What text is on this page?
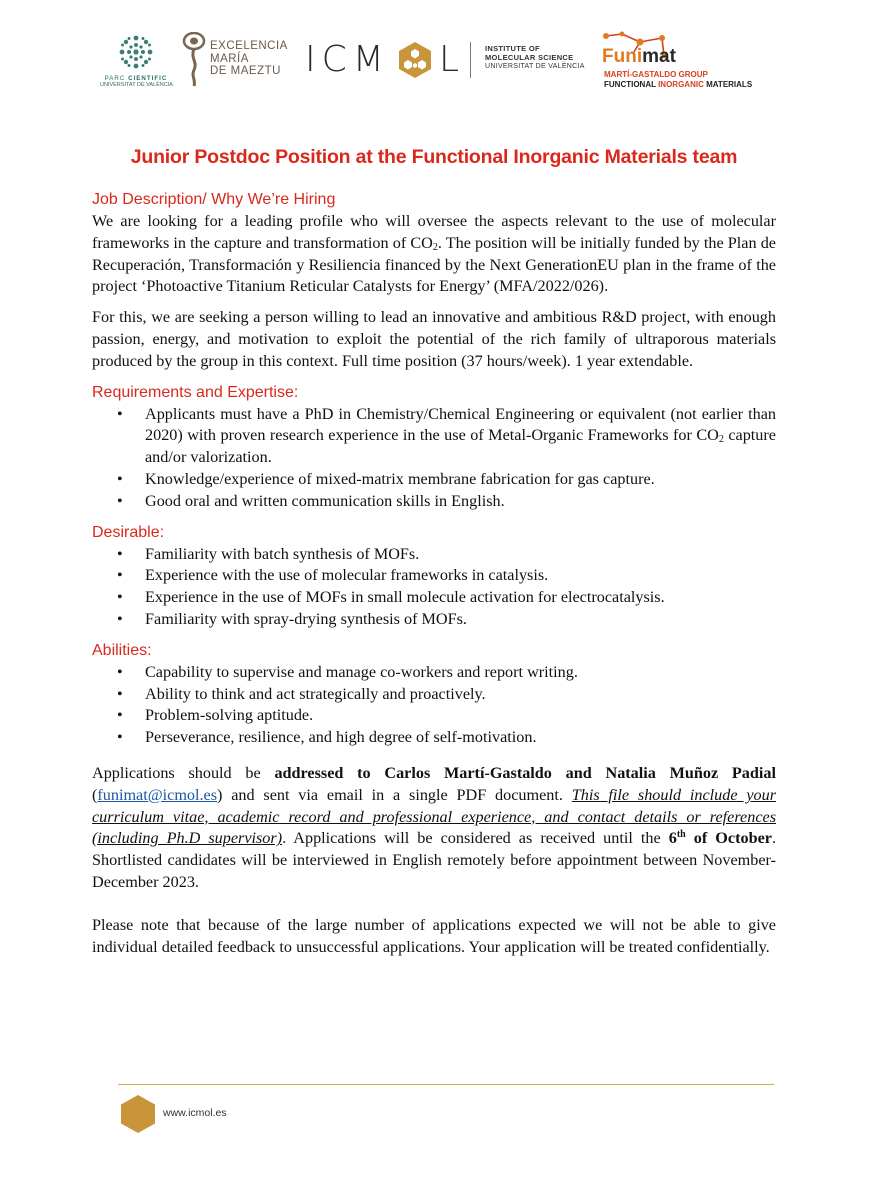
PARC CIENTIFIC
UNIVERSITAT DE VALÈNCIA
EXCELENCIA
MARÍA
DE MAEZTU ICM L	INSTITUTE OF
MOLECULAR SCIENCE
UNIVERSITAT DE VALÈNCIA Funimat
MARTÍ-GASTALDO GROUP
FUNCTIONAL INORGANIC MATERIALS
Junior Postdoc Position at the Functional Inorganic Materials team
Job Description/ Why We’re Hiring

We are looking for a leading profile who will oversee the aspects relevant to the use of molecular frameworks in the capture and transformation of $CO_2$. The position will be initially funded by the Plan de Recuperación, Transformación y Resiliencia financed by the Next GenerationEU plan in the frame of the project ‘Photoactive Titanium Reticular Catalysts for Energy’ (MFA/2022/026).

For this, we are seeking a person willing to lead an innovative and ambitious R&D project, with enough passion, energy, and motivation to exploit the potential of the rich family of ultraporous materials produced by the group in this context. Full time position (37 hours/week). 1 year extendable.

Requirements and Expertise:
• Applicants must have a PhD in Chemistry/Chemical Engineering or equivalent (not earlier than 2020) with proven research experience in the use of Metal-Organic Frameworks for $CO_2$ capture and/or valorization.
• Knowledge/experience of mixed-matrix membrane fabrication for gas capture.
• Good oral and written communication skills in English.
Desirable:
• Familiarity with batch synthesis of MOFs.
• Experience with the use of molecular frameworks in catalysis.
• Experience in the use of MOFs in small molecule activation for electrocatalysis.
• Familiarity with spray-drying synthesis of MOFs.
Abilities:
• Capability to supervise and manage co-workers and report writing.
• Ability to think and act strategically and proactively.
• Problem-solving aptitude.
• Perseverance, resilience, and high degree of self-motivation.

Applications should be addressed to Carlos Martí-Gastaldo and Natalia Muñoz Padial (funimat@icmol.es) and sent via email in a single PDF document. This file should include your curriculum vitae, academic record and professional experience, and contact details or references (including Ph.D supervisor). Applications will be considered as received until the 6th of October. Shortlisted candidates will be interviewed in English remotely before appointment between November-December 2023.

Please note that because of the large number of applications expected we will not be able to give individual detailed feedback to unsuccessful applications. Your application will be treated confidentially.

www.icmol.es
